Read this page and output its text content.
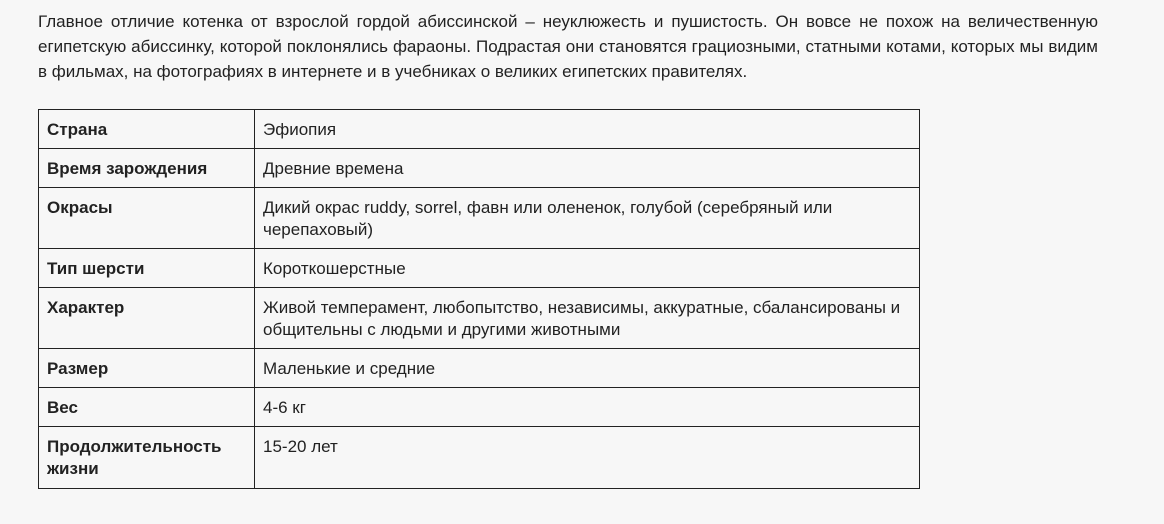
Главное отличие котенка от взрослой гордой абиссинской – неуклюжесть и пушистость. Он вовсе не похож на величественную египетскую абиссинку, которой поклонялись фараоны. Подрастая они становятся грациозными, статными котами, которых мы видим в фильмах, на фотографиях в интернете и в учебниках о великих египетских правителях.

Страна	Эфиопия
Время зарождения	Древние времена
Окрасы	Дикий окрас ruddy, sorrel, фавн или олененок, голубой (серебряный или черепаховый)
Тип шерсти	Короткошерстные
Характер	Живой темперамент, любопытство, независимы, аккуратные, сбалансированы и общительны с людьми и другими животными
Размер	Маленькие и средние
Вес	4-6 кг
Продолжительность жизни	15-20 лет
